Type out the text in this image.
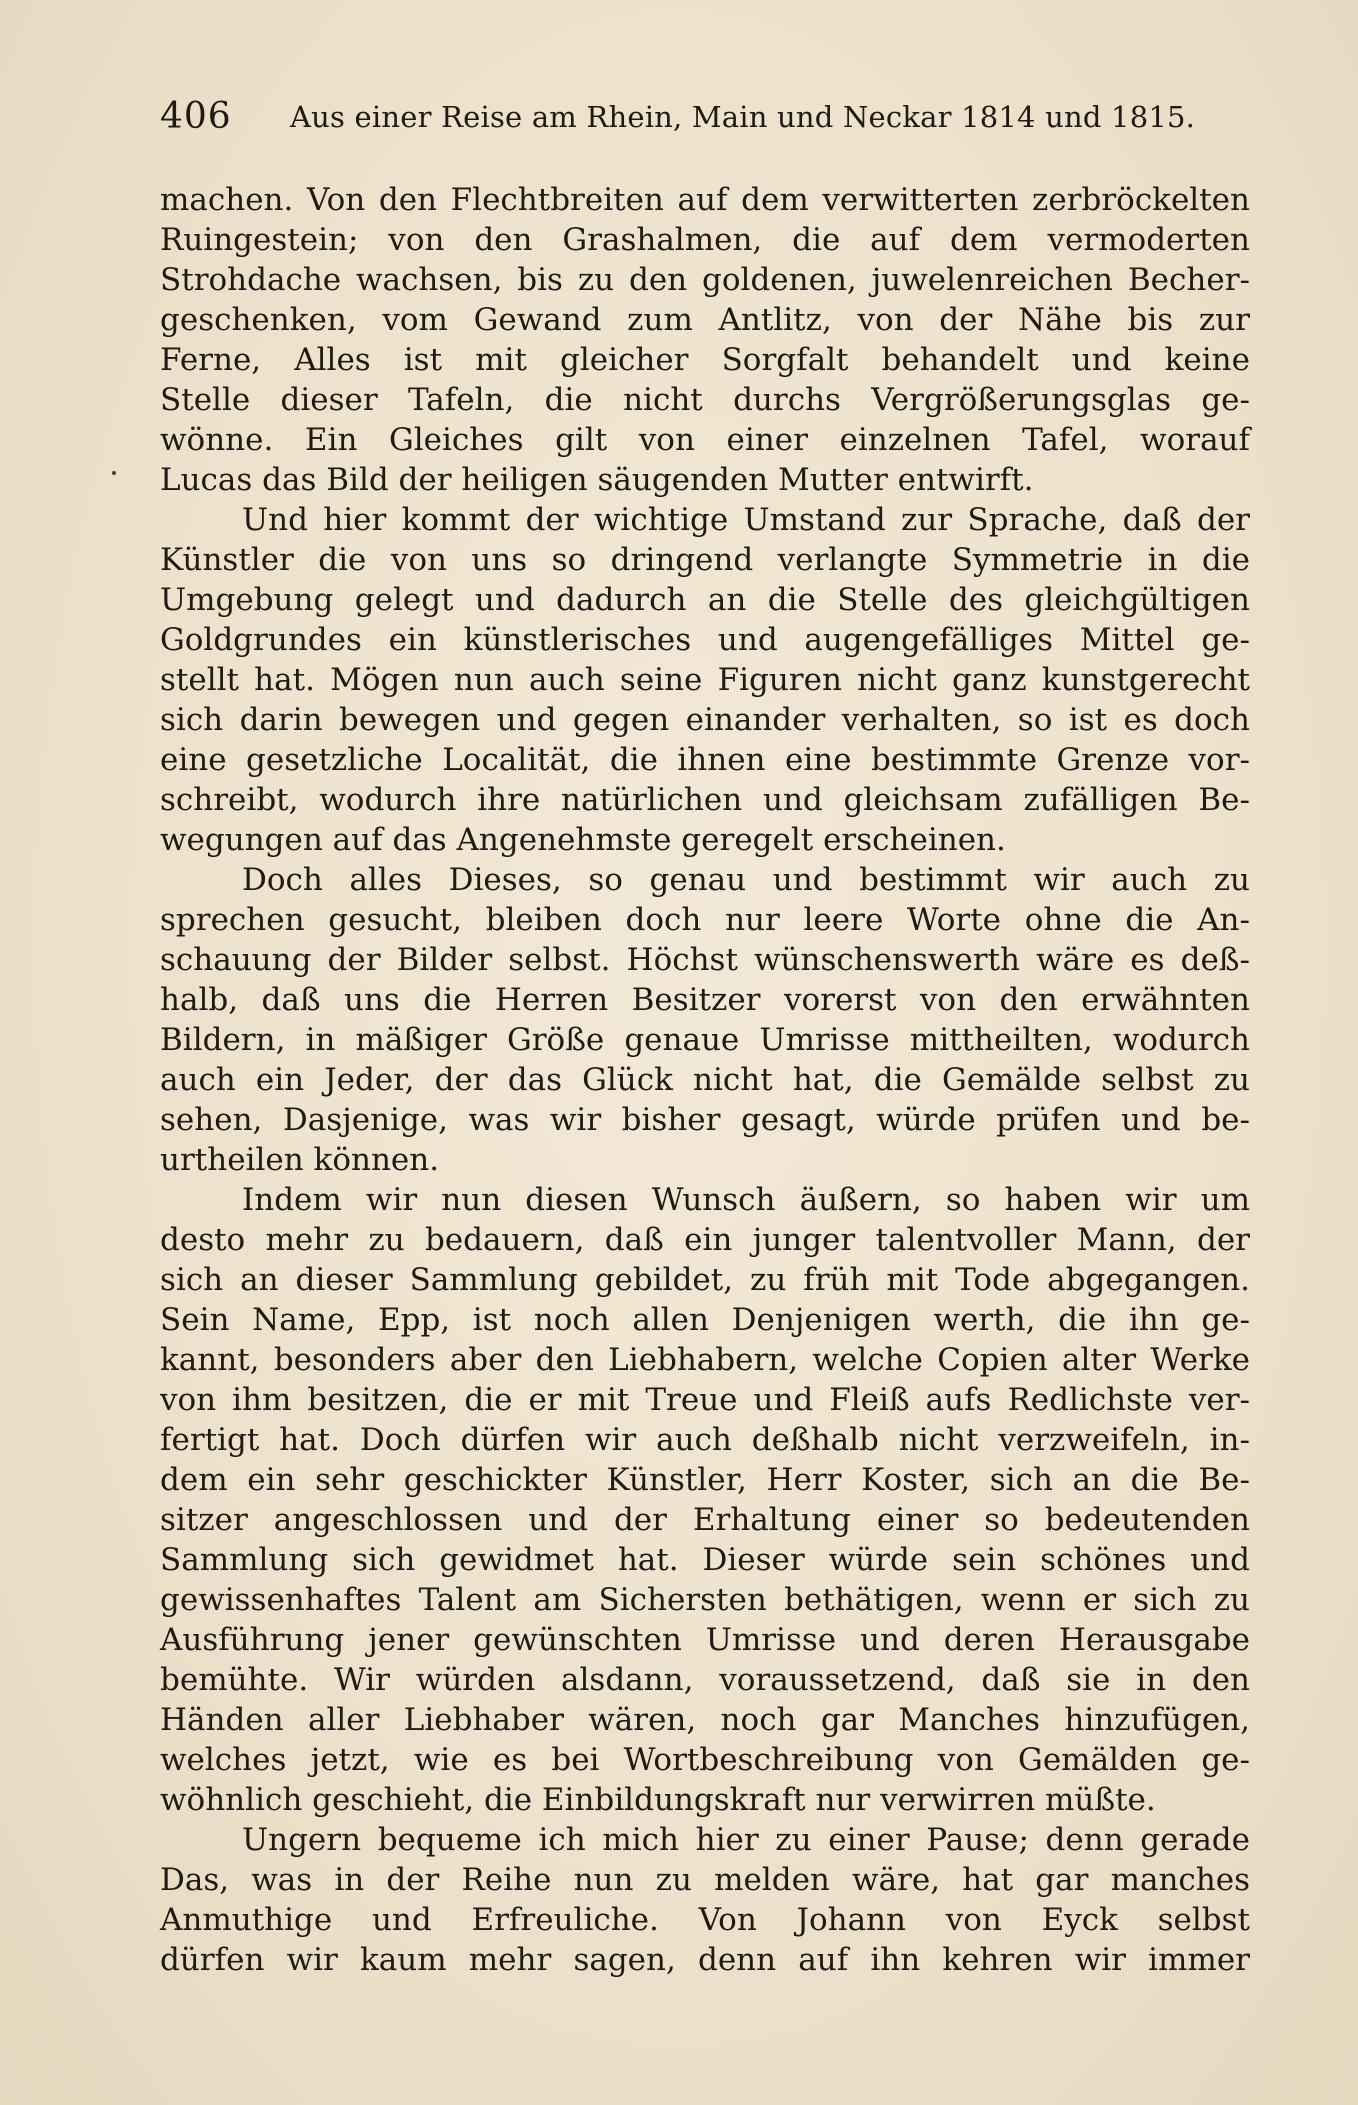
406 Aus einer Reise am Rhein, Main und Neckar 1814 und 1815.
machen. Von den Flechtbreiten auf dem verwitterten zerbröckelten
Ruingestein; von den Grashalmen, die auf dem vermoderten
Strohdache wachsen, bis zu den goldenen, juwelenreichen Becher-
geschenken, vom Gewand zum Antlitz, von der Nähe bis zur
Ferne, Alles ist mit gleicher Sorgfalt behandelt und keine
Stelle dieser Tafeln, die nicht durchs Vergrößerungsglas ge-
wönne. Ein Gleiches gilt von einer einzelnen Tafel, worauf
Lucas das Bild der heiligen säugenden Mutter entwirft.
Und hier kommt der wichtige Umstand zur Sprache, daß der
Künstler die von uns so dringend verlangte Symmetrie in die
Umgebung gelegt und dadurch an die Stelle des gleichgültigen
Goldgrundes ein künstlerisches und augengefälliges Mittel ge-
stellt hat. Mögen nun auch seine Figuren nicht ganz kunstgerecht
sich darin bewegen und gegen einander verhalten, so ist es doch
eine gesetzliche Localität, die ihnen eine bestimmte Grenze vor-
schreibt, wodurch ihre natürlichen und gleichsam zufälligen Be-
wegungen auf das Angenehmste geregelt erscheinen.
Doch alles Dieses, so genau und bestimmt wir auch zu
sprechen gesucht, bleiben doch nur leere Worte ohne die An-
schauung der Bilder selbst. Höchst wünschenswerth wäre es deß-
halb, daß uns die Herren Besitzer vorerst von den erwähnten
Bildern, in mäßiger Größe genaue Umrisse mittheilten, wodurch
auch ein Jeder, der das Glück nicht hat, die Gemälde selbst zu
sehen, Dasjenige, was wir bisher gesagt, würde prüfen und be-
urtheilen können.
Indem wir nun diesen Wunsch äußern, so haben wir um
desto mehr zu bedauern, daß ein junger talentvoller Mann, der
sich an dieser Sammlung gebildet, zu früh mit Tode abgegangen.
Sein Name, Epp, ist noch allen Denjenigen werth, die ihn ge-
kannt, besonders aber den Liebhabern, welche Copien alter Werke
von ihm besitzen, die er mit Treue und Fleiß aufs Redlichste ver-
fertigt hat. Doch dürfen wir auch deßhalb nicht verzweifeln, in-
dem ein sehr geschickter Künstler, Herr Koster, sich an die Be-
sitzer angeschlossen und der Erhaltung einer so bedeutenden
Sammlung sich gewidmet hat. Dieser würde sein schönes und
gewissenhaftes Talent am Sichersten bethätigen, wenn er sich zu
Ausführung jener gewünschten Umrisse und deren Herausgabe
bemühte. Wir würden alsdann, voraussetzend, daß sie in den
Händen aller Liebhaber wären, noch gar Manches hinzufügen,
welches jetzt, wie es bei Wortbeschreibung von Gemälden ge-
wöhnlich geschieht, die Einbildungskraft nur verwirren müßte.
Ungern bequeme ich mich hier zu einer Pause; denn gerade
Das, was in der Reihe nun zu melden wäre, hat gar manches
Anmuthige und Erfreuliche. Von Johann von Eyck selbst
dürfen wir kaum mehr sagen, denn auf ihn kehren wir immer
